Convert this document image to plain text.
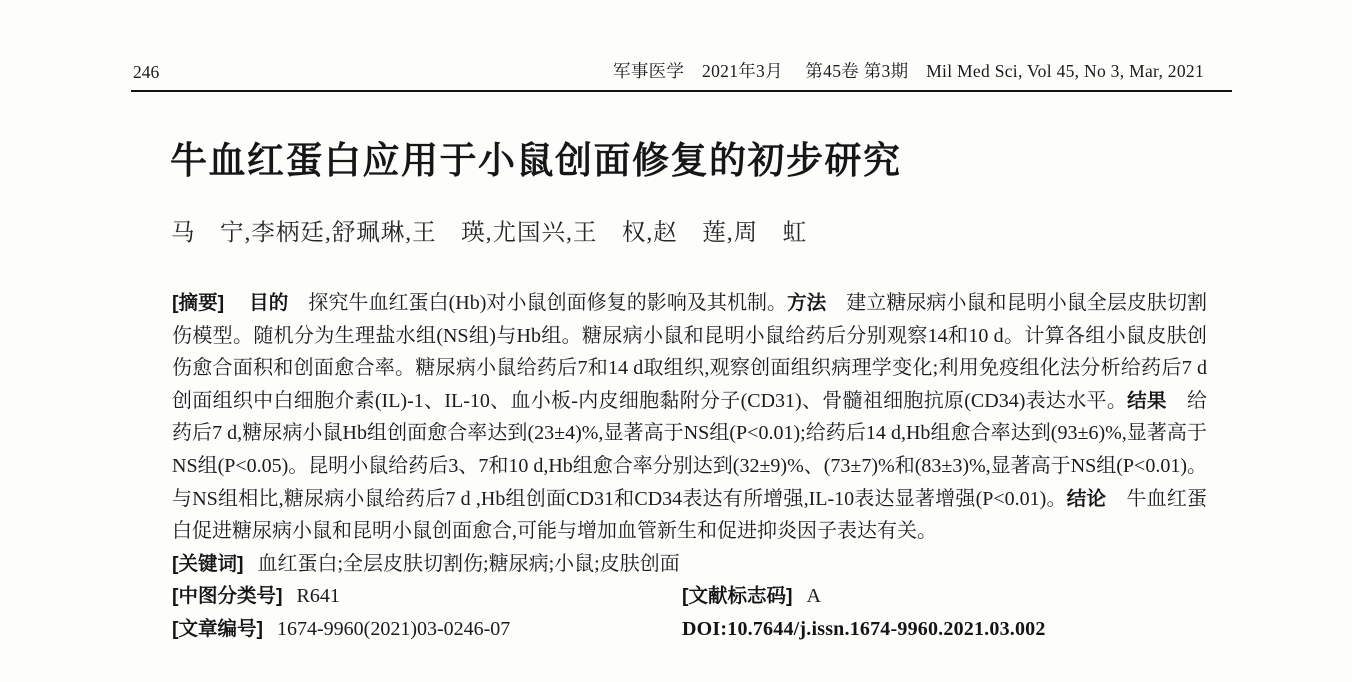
246	军事医学　2021年3月　 第45卷 第3期　Mil Med Sci, Vol 45, No 3, Mar, 2021
牛血红蛋白应用于小鼠创面修复的初步研究
马　宁,李柄廷,舒珮琳,王　瑛,尤国兴,王　权,赵　莲,周　虹

[摘要]　 目的　探究牛血红蛋白(Hb)对小鼠创面修复的影响及其机制。方法　建立糖尿病小鼠和昆明小鼠全层皮肤切割伤模型。随机分为生理盐水组(NS组)与Hb组。糖尿病小鼠和昆明小鼠给药后分别观察14和10 d。计算各组小鼠皮肤创伤愈合面积和创面愈合率。糖尿病小鼠给药后7和14 d取组织,观察创面组织病理学变化;利用免疫组化法分析给药后7 d创面组织中白细胞介素(IL)-1、IL-10、血小板-内皮细胞黏附分子(CD31)、骨髓祖细胞抗原(CD34)表达水平。结果　给药后7 d,糖尿病小鼠Hb组创面愈合率达到(23±4)%,显著高于NS组(P<0.01);给药后14 d,Hb组愈合率达到(93±6)%,显著高于NS组(P<0.05)。昆明小鼠给药后3、7和10 d,Hb组愈合率分别达到(32±9)%、(73±7)%和(83±3)%,显著高于NS组(P<0.01)。与NS组相比,糖尿病小鼠给药后7 d ,Hb组创面CD31和CD34表达有所增强,IL-10表达显著增强(P<0.01)。结论　牛血红蛋白促进糖尿病小鼠和昆明小鼠创面愈合,可能与增加血管新生和促进抑炎因子表达有关。

[关键词] 血红蛋白;全层皮肤切割伤;糖尿病;小鼠;皮肤创面

[中图分类号] R641	[文献标志码] A
[文章编号] 1674-9960(2021)03-0246-07	DOI:10.7644/j.issn.1674-9960.2021.03.002
